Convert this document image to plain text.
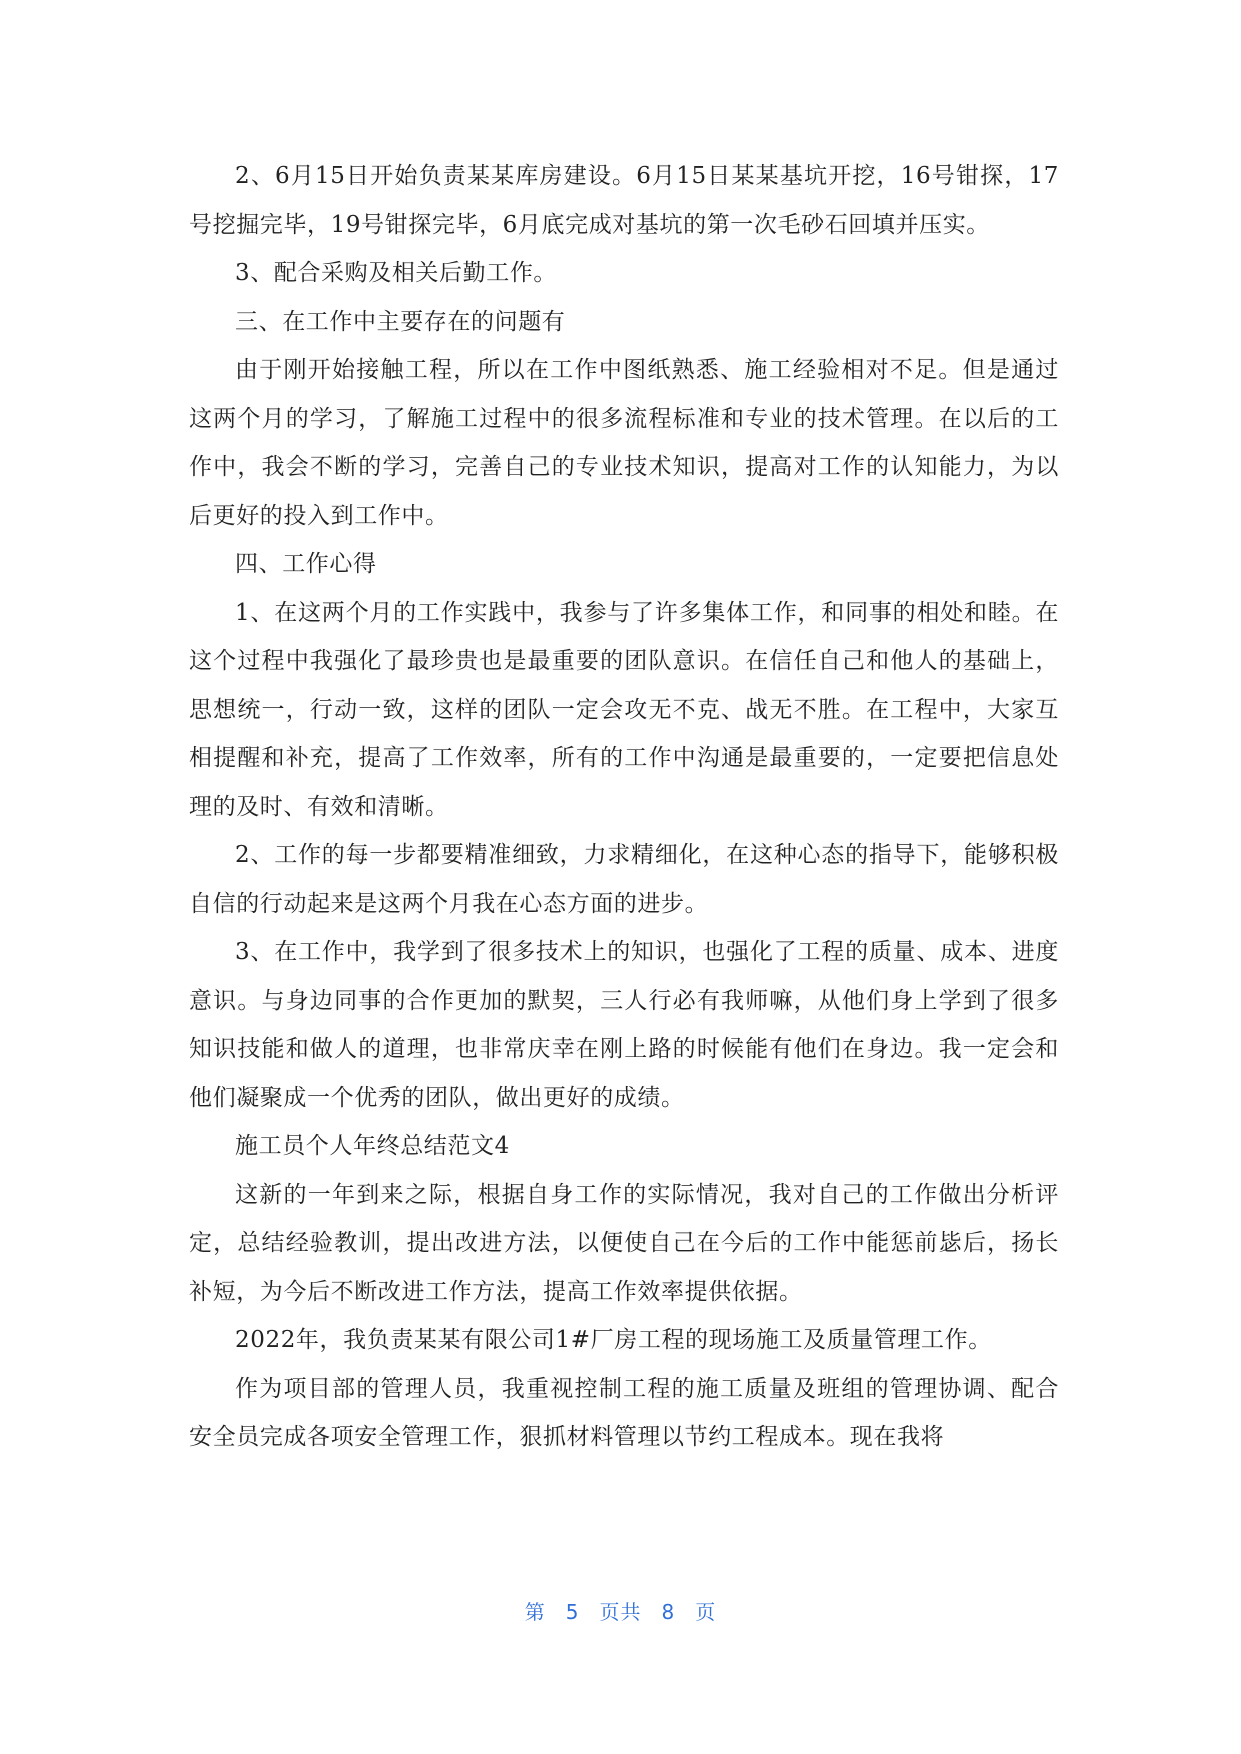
2、6月15日开始负责某某库房建设。6月15日某某基坑开挖，16号钳探，17号挖掘完毕，19号钳探完毕，6月底完成对基坑的第一次毛砂石回填并压实。

3、配合采购及相关后勤工作。

三、在工作中主要存在的问题有

由于刚开始接触工程，所以在工作中图纸熟悉、施工经验相对不足。但是通过这两个月的学习，了解施工过程中的很多流程标准和专业的技术管理。在以后的工作中，我会不断的学习，完善自己的专业技术知识，提高对工作的认知能力，为以后更好的投入到工作中。

四、工作心得

1、在这两个月的工作实践中，我参与了许多集体工作，和同事的相处和睦。在这个过程中我强化了最珍贵也是最重要的团队意识。在信任自己和他人的基础上，思想统一，行动一致，这样的团队一定会攻无不克、战无不胜。在工程中，大家互相提醒和补充，提高了工作效率，所有的工作中沟通是最重要的，一定要把信息处理的及时、有效和清晰。

2、工作的每一步都要精准细致，力求精细化，在这种心态的指导下，能够积极自信的行动起来是这两个月我在心态方面的进步。

3、在工作中，我学到了很多技术上的知识，也强化了工程的质量、成本、进度意识。与身边同事的合作更加的默契，三人行必有我师嘛，从他们身上学到了很多知识技能和做人的道理，也非常庆幸在刚上路的时候能有他们在身边。我一定会和他们凝聚成一个优秀的团队，做出更好的成绩。

施工员个人年终总结范文4

这新的一年到来之际，根据自身工作的实际情况，我对自己的工作做出分析评定，总结经验教训，提出改进方法，以便使自己在今后的工作中能惩前毖后，扬长补短，为今后不断改进工作方法，提高工作效率提供依据。

2022年，我负责某某有限公司1#厂房工程的现场施工及质量管理工作。

作为项目部的管理人员，我重视控制工程的施工质量及班组的管理协调、配合安全员完成各项安全管理工作，狠抓材料管理以节约工程成本。现在我将

第 5 页共 8 页
